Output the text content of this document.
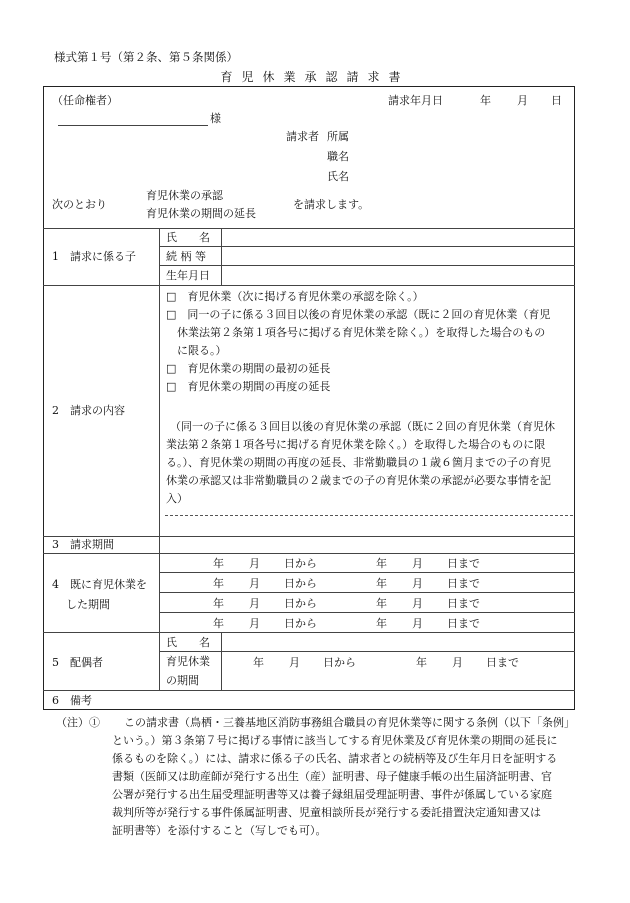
様式第１号（第２条、第５条関係）
育児休業承認請求書
（任命権者）	請求年月日	年 月 日
様
請求者 所属
職名
氏名
次のとおり
育児休業の承認
育児休業の期間の延長
を請求します。
1　請求に係る子
氏　　名
続 柄 等
生年月日
2　請求の内容
□　育児休業（次に掲げる育児休業の承認を除く。）
□　同一の子に係る３回目以後の育児休業の承認（既に２回の育児休業（育児
休業法第２条第１項各号に掲げる育児休業を除く。）を取得した場合のもの
に限る。）
□　育児休業の期間の最初の延長
□　育児休業の期間の再度の延長
（同一の子に係る３回目以後の育児休業の承認（既に２回の育児休業（育児休
業法第２条第１項各号に掲げる育児休業を除く。）を取得した場合のものに限
る。）、育児休業の期間の再度の延長、非常勤職員の１歳６箇月までの子の育児
休業の承認又は非常勤職員の２歳までの子の育児休業の承認が必要な事情を記
入）
3　請求期間
4　既に育児休業を
した期間
年 月 日から	年 月 日まで
年 月 日から	年 月 日まで
年 月 日から	年 月 日まで
年 月 日から	年 月 日まで
5　配偶者
氏　　名
育児休業
の期間
年 月 日から	年 月 日まで
6　備考
（注）① この請求書（鳥栖・三養基地区消防事務組合職員の育児休業等に関する条例（以下「条例」
という。）第３条第７号に掲げる事情に該当してする育児休業及び育児休業の期間の延長に
係るものを除く。）には、請求に係る子の氏名、請求者との続柄等及び生年月日を証明する
書類（医師又は助産師が発行する出生（産）証明書、母子健康手帳の出生届済証明書、官
公署が発行する出生届受理証明書等又は養子縁組届受理証明書、事件が係属している家庭
裁判所等が発行する事件係属証明書、児童相談所長が発行する委託措置決定通知書又は
証明書等）を添付すること（写しでも可）。
